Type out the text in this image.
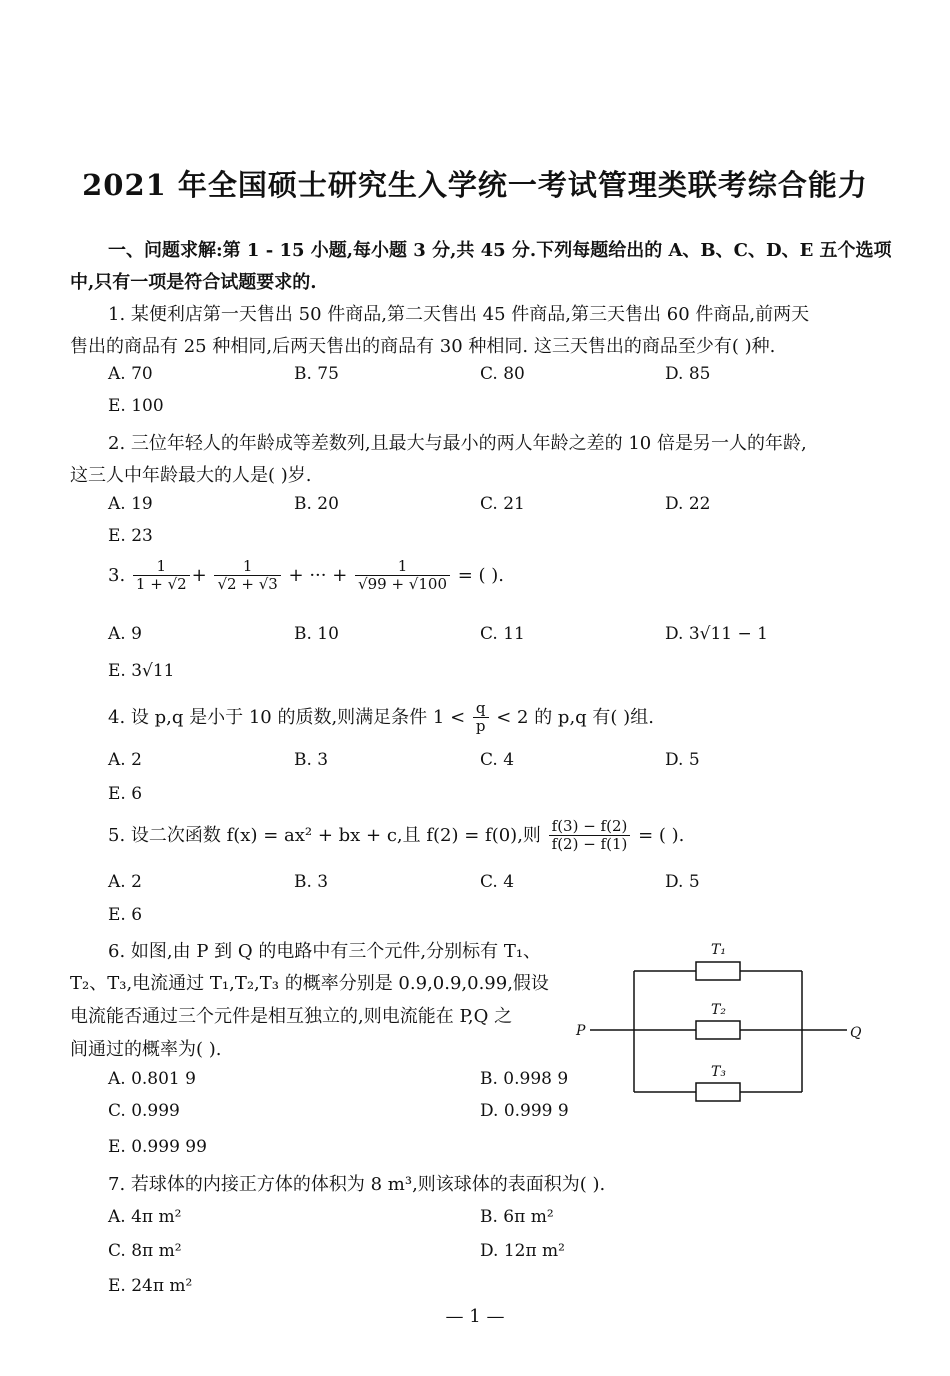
2021 年全国硕士研究生入学统一考试管理类联考综合能力
一、问题求解:第 1 - 15 小题,每小题 3 分,共 45 分.下列每题给出的 A、B、C、D、E 五个选项
中,只有一项是符合试题要求的.
1. 某便利店第一天售出 50 件商品,第二天售出 45 件商品,第三天售出 60 件商品,前两天
售出的商品有 25 种相同,后两天售出的商品有 30 种相同. 这三天售出的商品至少有( )种.
A. 70	B. 75	C. 80	D. 85
E. 100
2. 三位年轻人的年龄成等差数列,且最大与最小的两人年龄之差的 10 倍是另一人的年龄,
这三人中年龄最大的人是( )岁.
A. 19	B. 20	C. 21	D. 22
E. 23
3. $\frac{1}{1 + √2} + \frac{1}{√2 + √3}$ + ··· + $\frac{1}{√99 + √100}$ = ( ).
A. 9	B. 10	C. 11	D. 3√11 − 1
E. 3√11
4. 设 p,q 是小于 10 的质数,则满足条件 $1 < \frac{q}{p} < 2$ 的 p,q 有( )组.
A. 2	B. 3	C. 4	D. 5
E. 6
5. 设二次函数 f(x) = ax² + bx + c,且 f(2) = f(0),则 $\frac{f(3) - f(2)}{f(2) - f(1)}$ = ( ).
A. 2	B. 3	C. 4	D. 5
E. 6
6. 如图,由 P 到 Q 的电路中有三个元件,分别标有 T₁、
T₂、T₃,电流通过 T₁,T₂,T₃ 的概率分别是 0.9,0.9,0.99,假设
电流能否通过三个元件是相互独立的,则电流能在 P,Q 之
间通过的概率为( ).
A. 0.801 9	B. 0.998 9
C. 0.999	D. 0.999 9
E. 0.999 99
T₁
T₂
T₃
P	Q
7. 若球体的内接正方体的体积为 8 m³,则该球体的表面积为( ).
A. 4π m²	B. 6π m²
C. 8π m²	D. 12π m²
E. 24π m²
— 1 —
